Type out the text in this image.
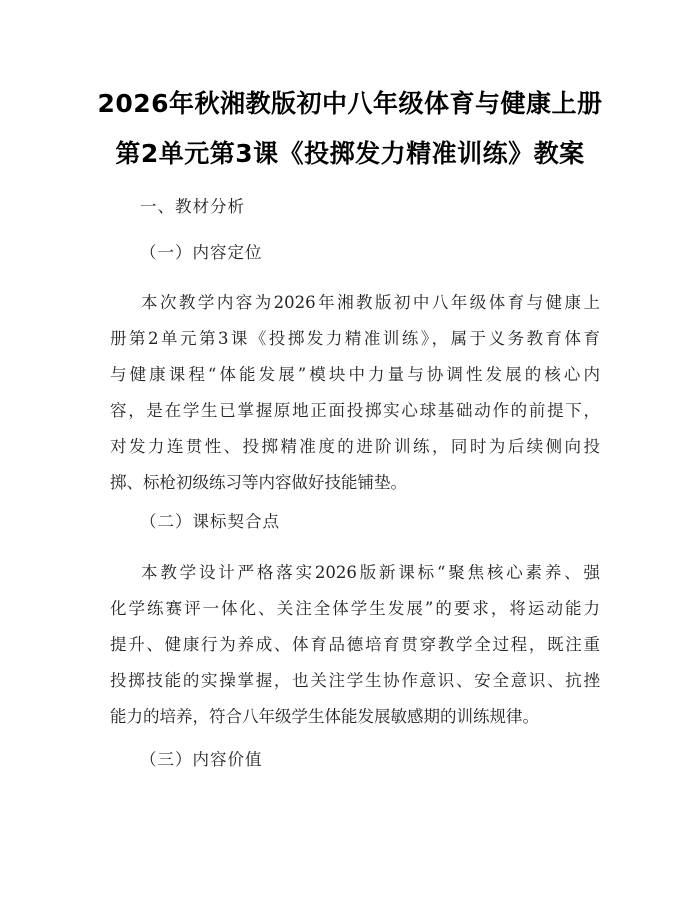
2026年秋湘教版初中八年级体育与健康上册
第2单元第3课《投掷发力精准训练》教案
一、教材分析
（一）内容定位
本次教学内容为2026年湘教版初中八年级体育与健康上
册第2单元第3课《投掷发力精准训练》，属于义务教育体育
与健康课程“体能发展”模块中力量与协调性发展的核心内
容，是在学生已掌握原地正面投掷实心球基础动作的前提下，
对发力连贯性、投掷精准度的进阶训练，同时为后续侧向投
掷、标枪初级练习等内容做好技能铺垫。
（二）课标契合点
本教学设计严格落实2026版新课标“聚焦核心素养、强
化学练赛评一体化、关注全体学生发展”的要求，将运动能力
提升、健康行为养成、体育品德培育贯穿教学全过程，既注重
投掷技能的实操掌握，也关注学生协作意识、安全意识、抗挫
能力的培养，符合八年级学生体能发展敏感期的训练规律。
（三）内容价值
